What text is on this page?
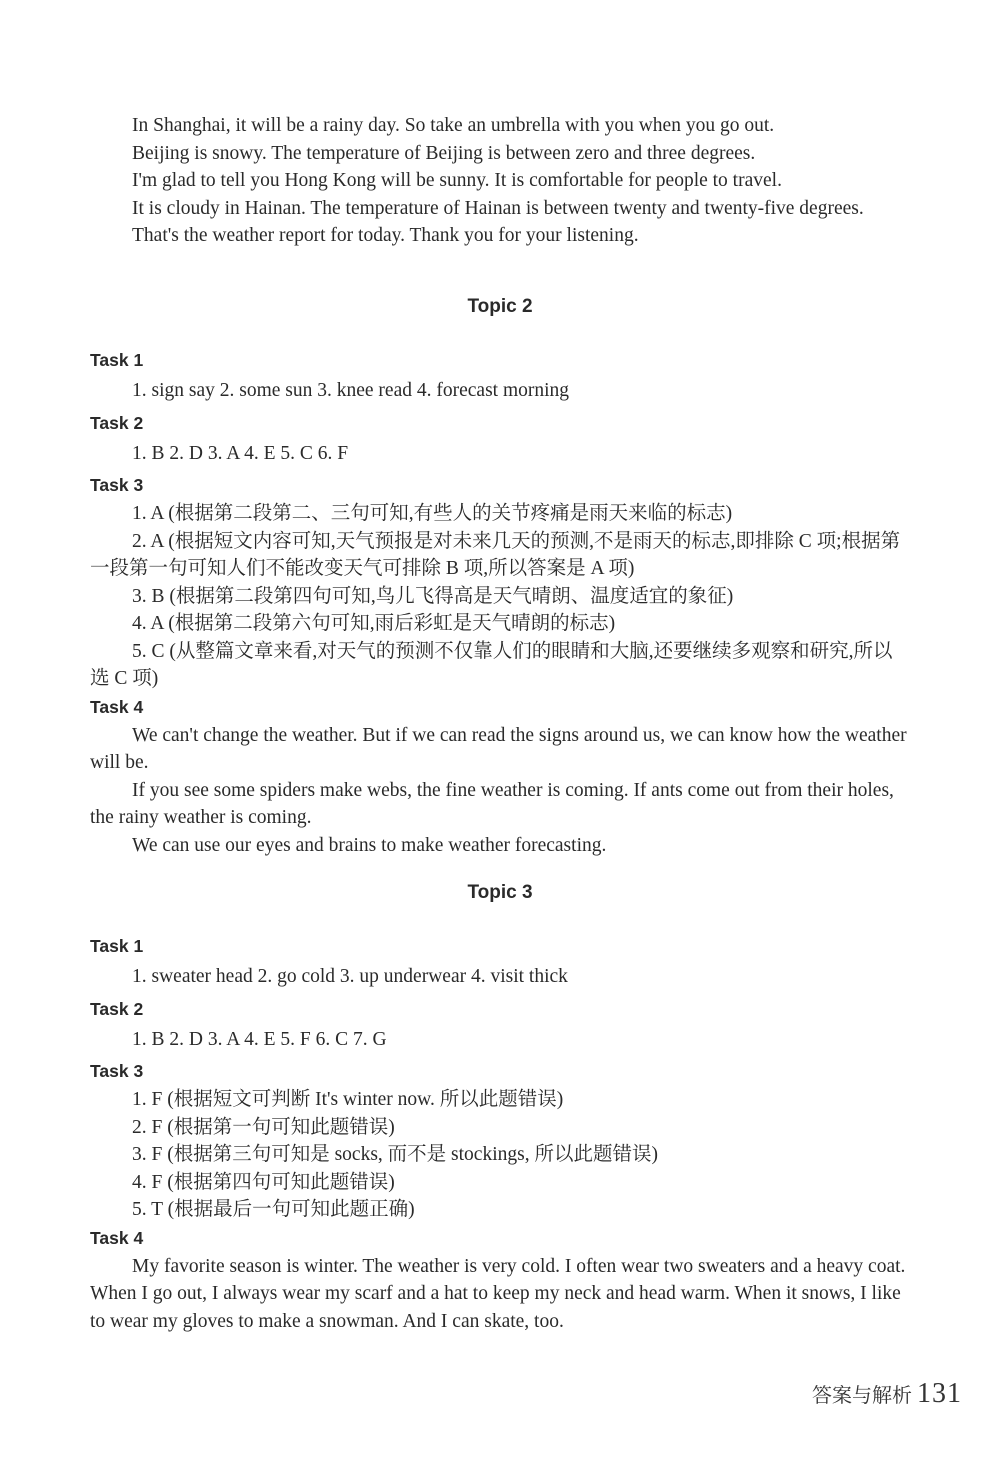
In Shanghai, it will be a rainy day. So take an umbrella with you when you go out.

Beijing is snowy. The temperature of Beijing is between zero and three degrees.

I'm glad to tell you Hong Kong will be sunny. It is comfortable for people to travel.

It is cloudy in Hainan. The temperature of Hainan is between twenty and twenty-five degrees.

That's the weather report for today. Thank you for your listening.

Topic 2
Task 1

1. sign say 2. some sun 3. knee read 4. forecast morning

Task 2

1. B 2. D 3. A 4. E 5. C 6. F

Task 3

1. A (根据第二段第二、三句可知,有些人的关节疼痛是雨天来临的标志)

2. A (根据短文内容可知,天气预报是对未来几天的预测,不是雨天的标志,即排除 C 项;根据第一段第一句可知人们不能改变天气可排除 B 项,所以答案是 A 项)

3. B (根据第二段第四句可知,鸟儿飞得高是天气晴朗、温度适宜的象征)

4. A (根据第二段第六句可知,雨后彩虹是天气晴朗的标志)

5. C (从整篇文章来看,对天气的预测不仅靠人们的眼睛和大脑,还要继续多观察和研究,所以选 C 项)

Task 4

We can't change the weather. But if we can read the signs around us, we can know how the weather will be.

If you see some spiders make webs, the fine weather is coming. If ants come out from their holes, the rainy weather is coming.

We can use our eyes and brains to make weather forecasting.

Topic 3
Task 1

1. sweater head 2. go cold 3. up underwear 4. visit thick

Task 2

1. B 2. D 3. A 4. E 5. F 6. C 7. G

Task 3

1. F (根据短文可判断 It's winter now. 所以此题错误)

2. F (根据第一句可知此题错误)

3. F (根据第三句可知是 socks, 而不是 stockings, 所以此题错误)

4. F (根据第四句可知此题错误)

5. T (根据最后一句可知此题正确)

Task 4

My favorite season is winter. The weather is very cold. I often wear two sweaters and a heavy coat. When I go out, I always wear my scarf and a hat to keep my neck and head warm. When it snows, I like to wear my gloves to make a snowman. And I can skate, too.

答案与解析 131
